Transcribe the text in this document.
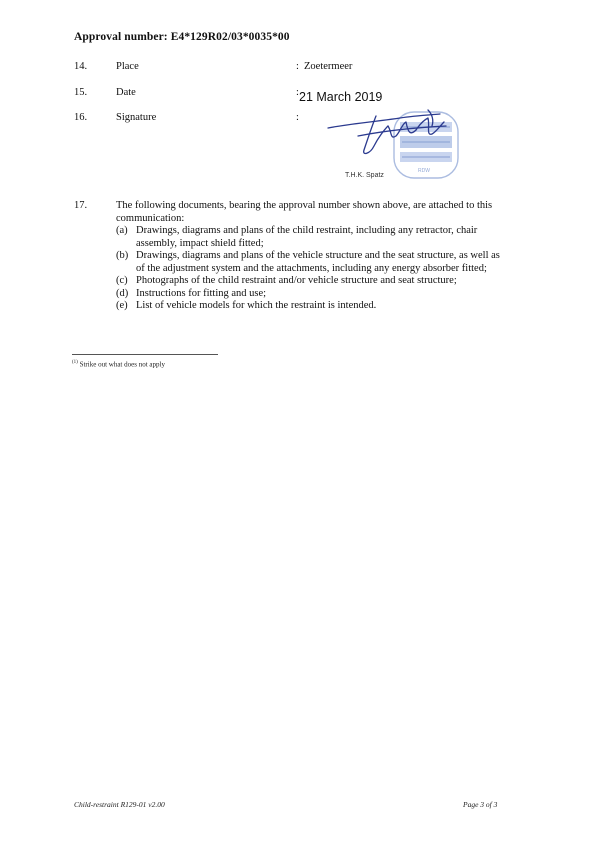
Approval number: E4*129R02/03*0035*00
14.	Place	: Zoetermeer
15.	Date	: 21 March 2019
16.	Signature	:
RDW
T.H.K. Spatz
17.	The following documents, bearing the approval number shown above, are attached to this
communication:
(a) Drawings, diagrams and plans of the child restraint, including any retractor, chair
assembly, impact shield fitted;
(b) Drawings, diagrams and plans of the vehicle structure and the seat structure, as well as
of the adjustment system and the attachments, including any energy absorber fitted;
(c) Photographs of the child restraint and/or vehicle structure and seat structure;
(d) Instructions for fitting and use;
(e) List of vehicle models for which the restraint is intended.
$^{(1)}$ Strike out what does not apply
Child-restraint R129-01 v2.00	Page 3 of 3
